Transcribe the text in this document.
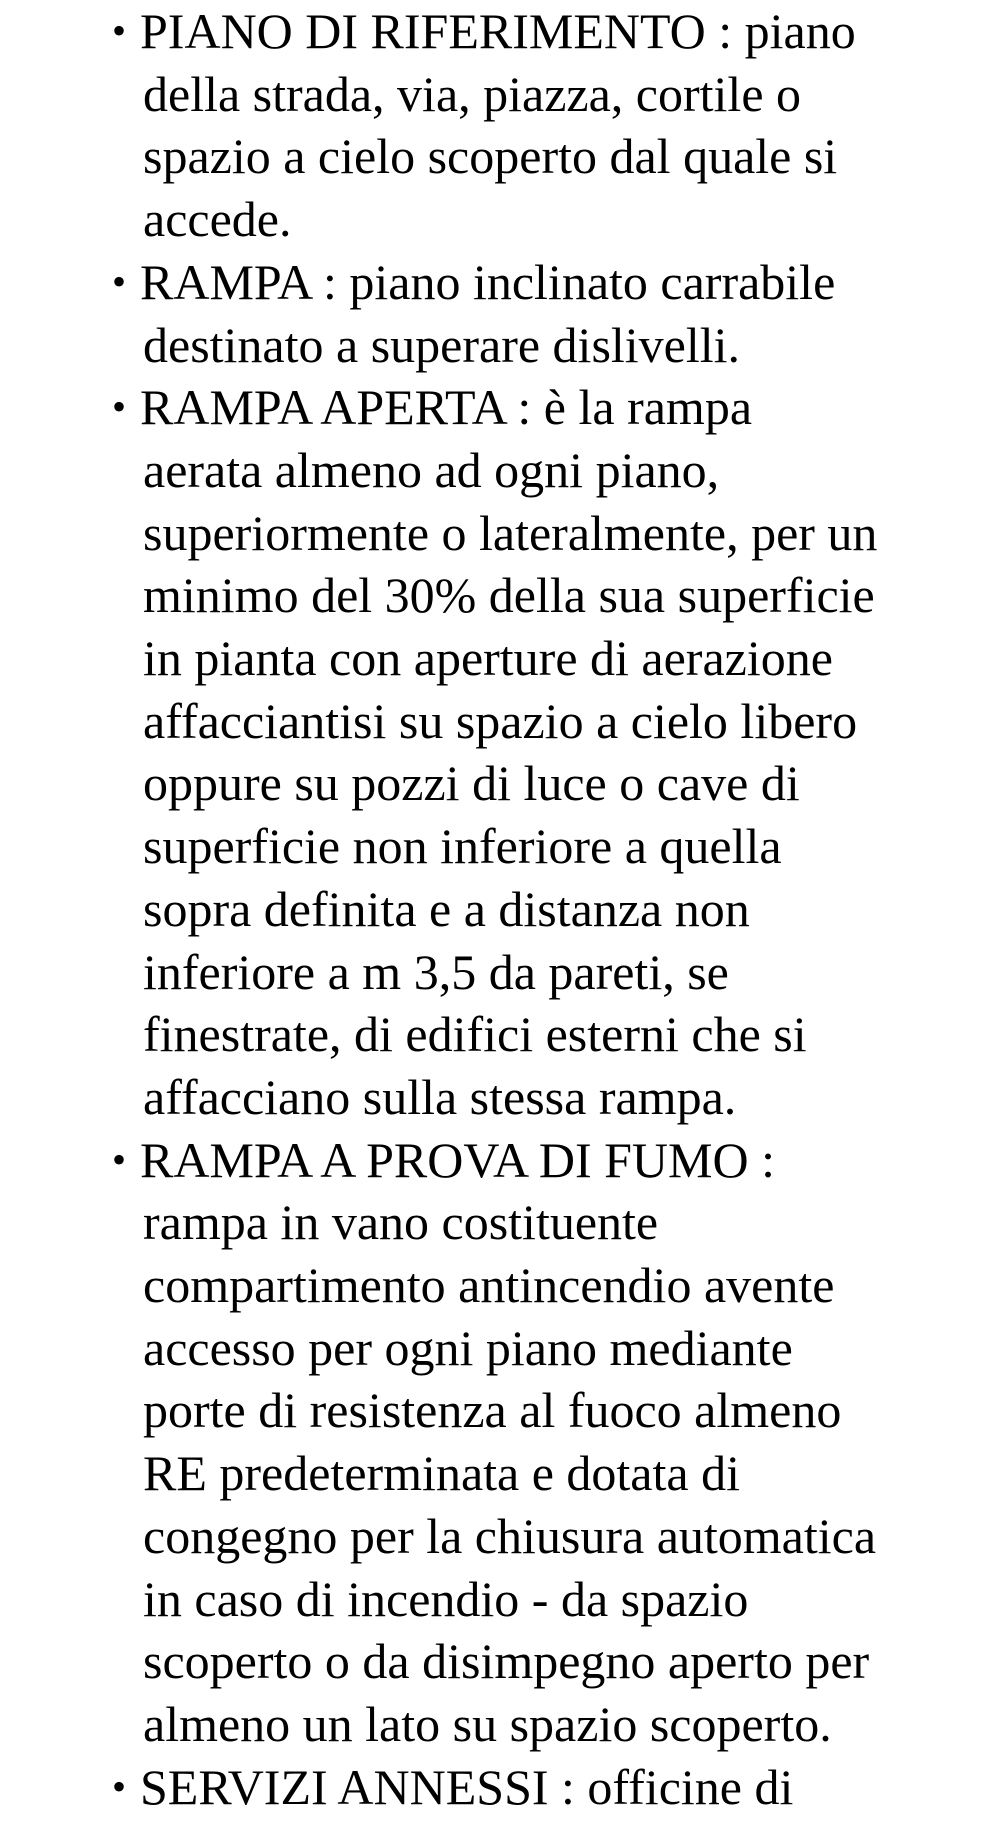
• PIANO DI RIFERIMENTO : piano
della strada, via, piazza, cortile o
spazio a cielo scoperto dal quale si
accede.
• RAMPA : piano inclinato carrabile
destinato a superare dislivelli.
• RAMPA APERTA : è la rampa
aerata almeno ad ogni piano,
superiormente o lateralmente, per un
minimo del 30% della sua superficie
in pianta con aperture di aerazione
affacciantisi su spazio a cielo libero
oppure su pozzi di luce o cave di
superficie non inferiore a quella
sopra definita e a distanza non
inferiore a m 3,5 da pareti, se
finestrate, di edifici esterni che si
affacciano sulla stessa rampa.
• RAMPA A PROVA DI FUMO :
rampa in vano costituente
compartimento antincendio avente
accesso per ogni piano mediante
porte di resistenza al fuoco almeno
RE predeterminata e dotata di
congegno per la chiusura automatica
in caso di incendio - da spazio
scoperto o da disimpegno aperto per
almeno un lato su spazio scoperto.
• SERVIZI ANNESSI : officine di
